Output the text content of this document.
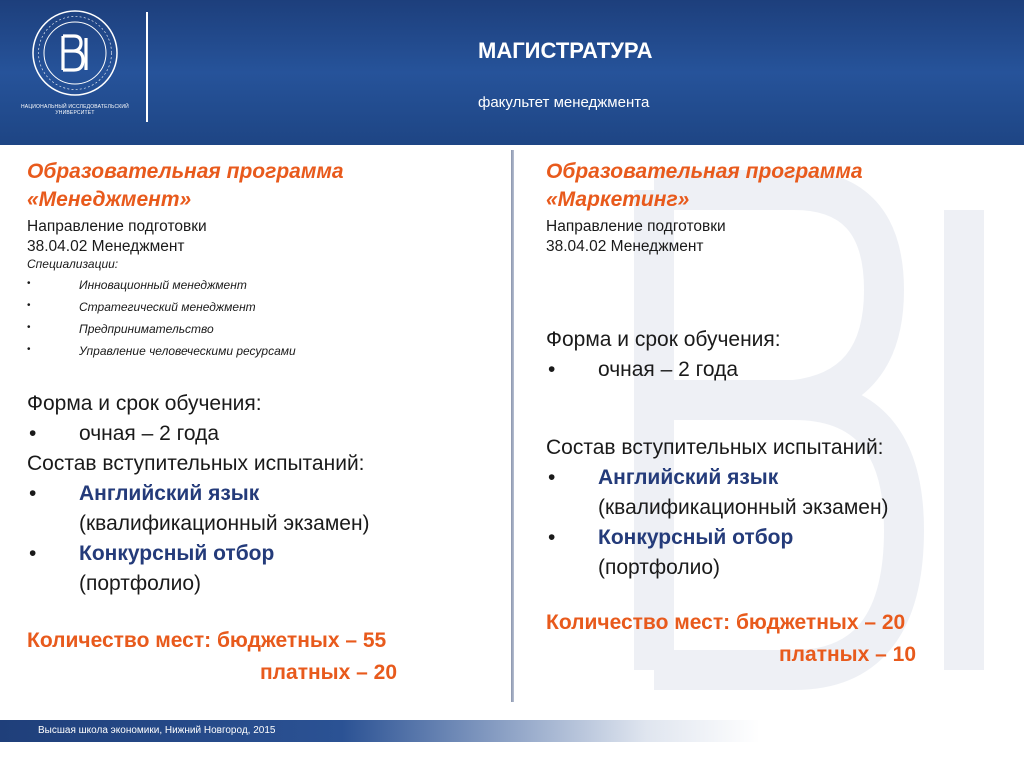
НАЦИОНАЛЬНЫЙ ИССЛЕДОВАТЕЛЬСКИЙ
УНИВЕРСИТЕТ
МАГИСТРАТУРА
факультет менеджмента
Образовательная программа
«Менеджмент»
Направление подготовки
38.04.02 Менеджмент
Специализации:
• Инновационный менеджмент
• Стратегический менеджмент
• Предпринимательство
• Управление человеческими ресурсами
Форма и срок обучения:
• очная – 2 года
Состав вступительных испытаний:
• Английский язык
(квалификационный экзамен)
• Конкурсный отбор
(портфолио)
Количество мест: бюджетных – 55
платных – 20
Образовательная программа
«Маркетинг»
Направление подготовки
38.04.02 Менеджмент
Форма и срок обучения:
• очная – 2 года
Состав вступительных испытаний:
• Английский язык
(квалификационный экзамен)
• Конкурсный отбор
(портфолио)
Количество мест: бюджетных – 20
платных – 10
Высшая школа экономики, Нижний Новгород, 2015
